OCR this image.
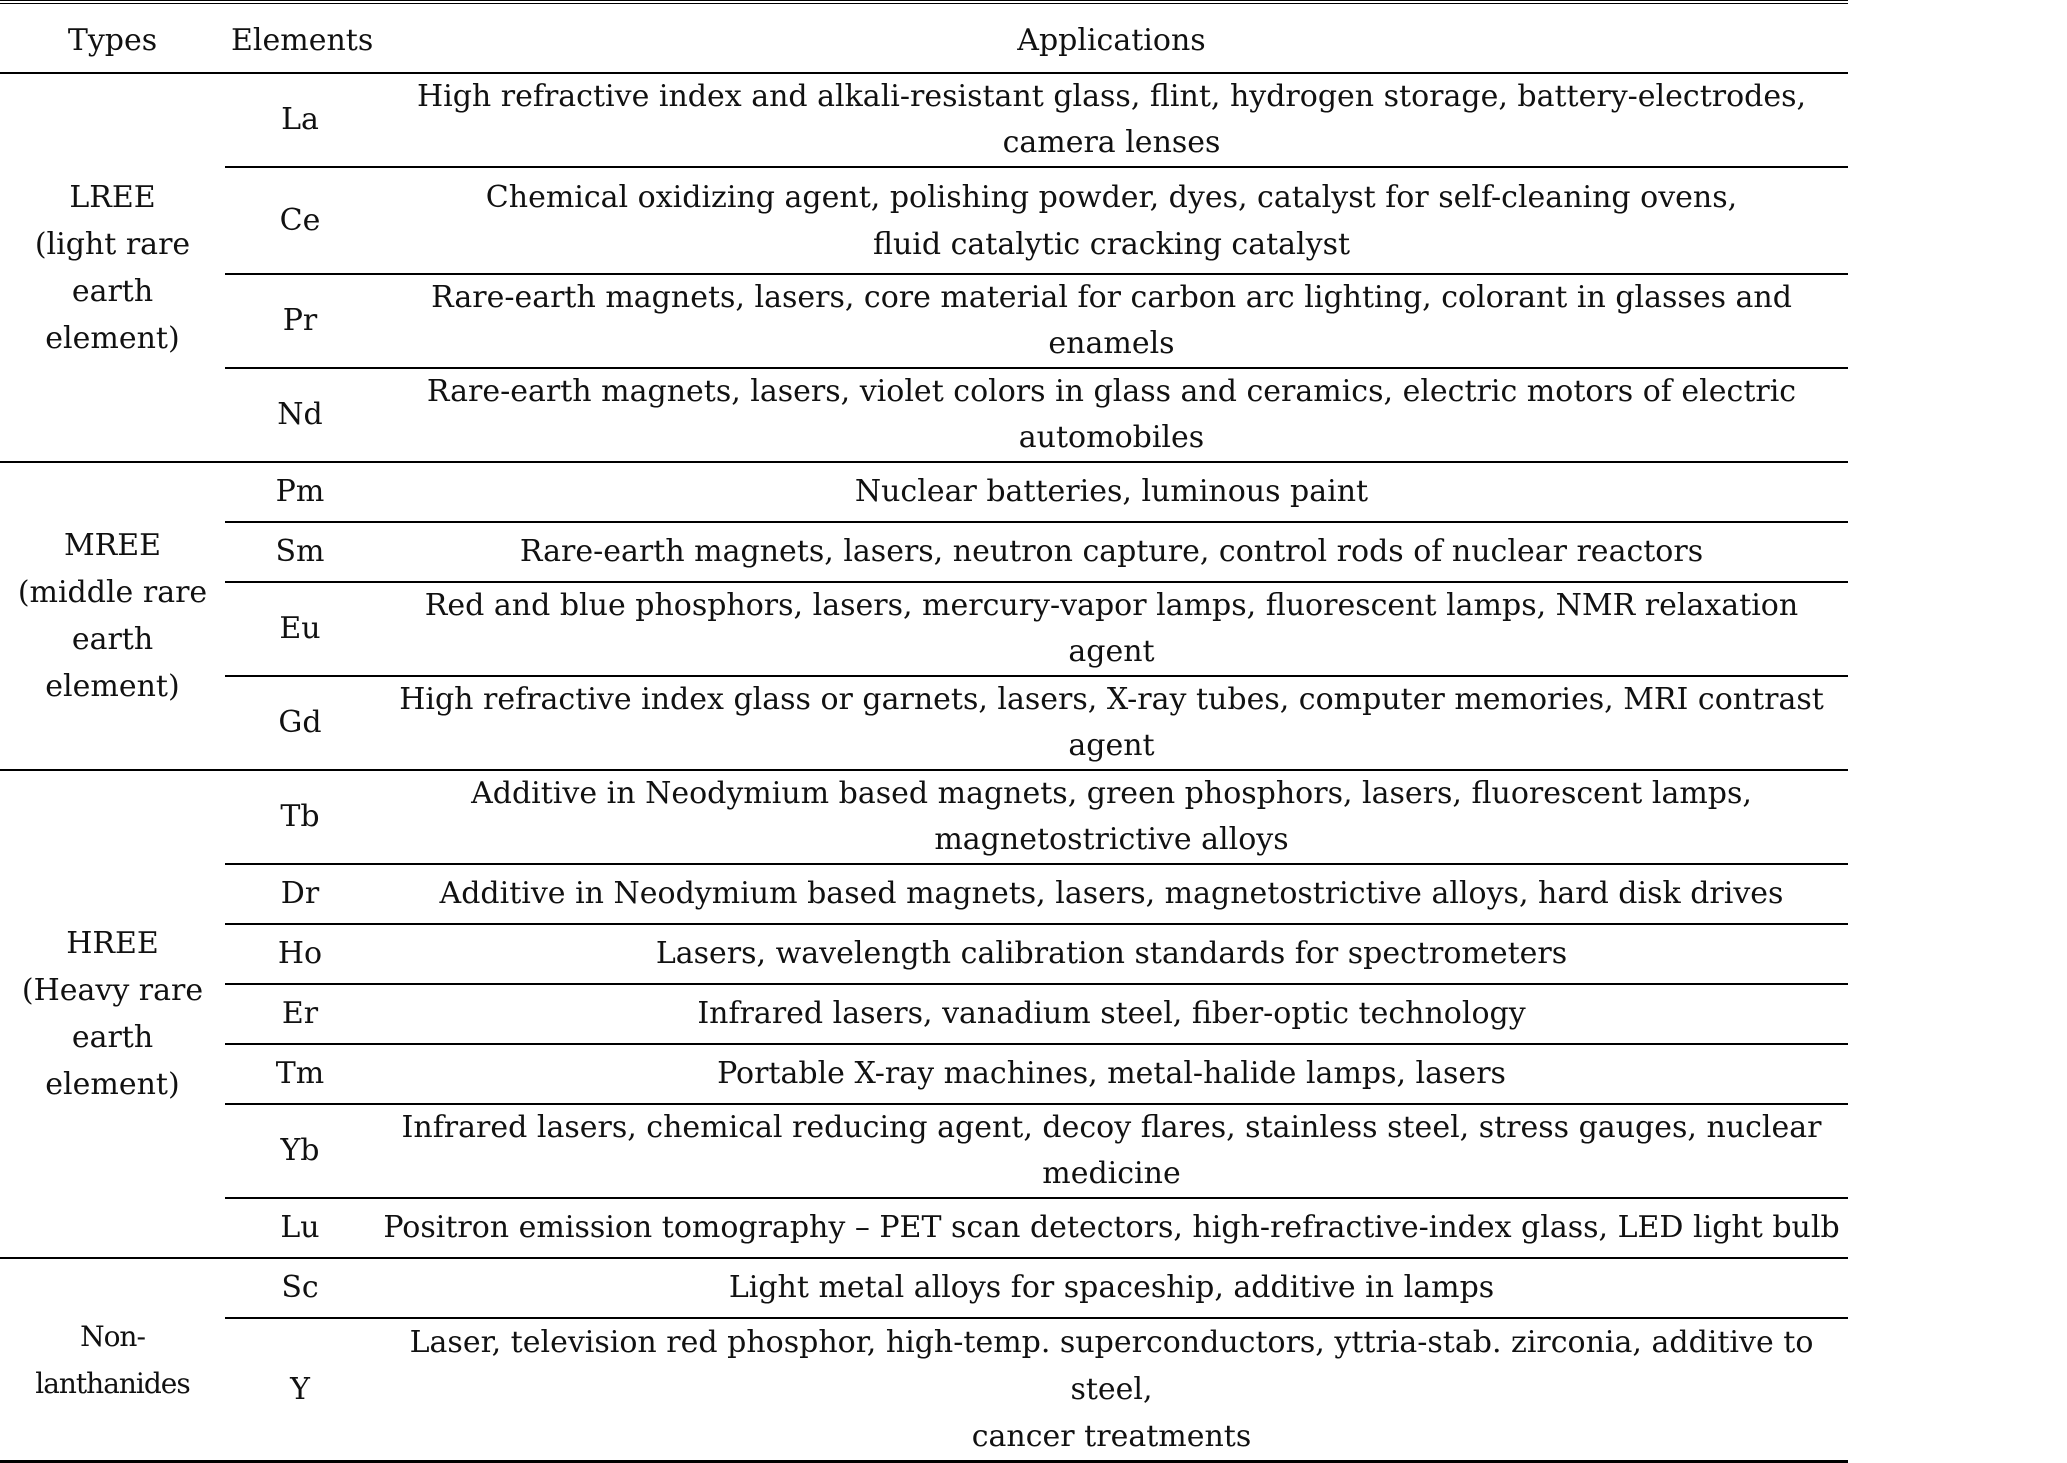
Types	Elements	Applications
LREE
(light rare
earth element)	La	High refractive index and alkali-resistant glass, flint, hydrogen storage, battery-electrodes, camera lenses
	Ce	Chemical oxidizing agent, polishing powder, dyes, catalyst for self-cleaning ovens,
fluid catalytic cracking catalyst
	Pr	Rare-earth magnets, lasers, core material for carbon arc lighting, colorant in glasses and enamels
	Nd	Rare-earth magnets, lasers, violet colors in glass and ceramics, electric motors of electric automobiles
MREE
(middle rare
earth element)	Pm	Nuclear batteries, luminous paint
	Sm	Rare-earth magnets, lasers, neutron capture, control rods of nuclear reactors
	Eu	Red and blue phosphors, lasers, mercury-vapor lamps, fluorescent lamps, NMR relaxation agent
	Gd	High refractive index glass or garnets, lasers, X-ray tubes, computer memories, MRI contrast agent
HREE
(Heavy rare
earth element)	Tb	Additive in Neodymium based magnets, green phosphors, lasers, fluorescent lamps, magnetostrictive alloys
	Dr	Additive in Neodymium based magnets, lasers, magnetostrictive alloys, hard disk drives
	Ho	Lasers, wavelength calibration standards for spectrometers
	Er	Infrared lasers, vanadium steel, fiber-optic technology
	Tm	Portable X-ray machines, metal-halide lamps, lasers
	Yb	Infrared lasers, chemical reducing agent, decoy flares, stainless steel, stress gauges, nuclear medicine
	Lu	Positron emission tomography – PET scan detectors, high-refractive-index glass, LED light bulb
Non-lanthanides	Sc	Light metal alloys for spaceship, additive in lamps
	Y	Laser, television red phosphor, high-temp. superconductors, yttria-stab. zirconia, additive to steel,
cancer treatments
